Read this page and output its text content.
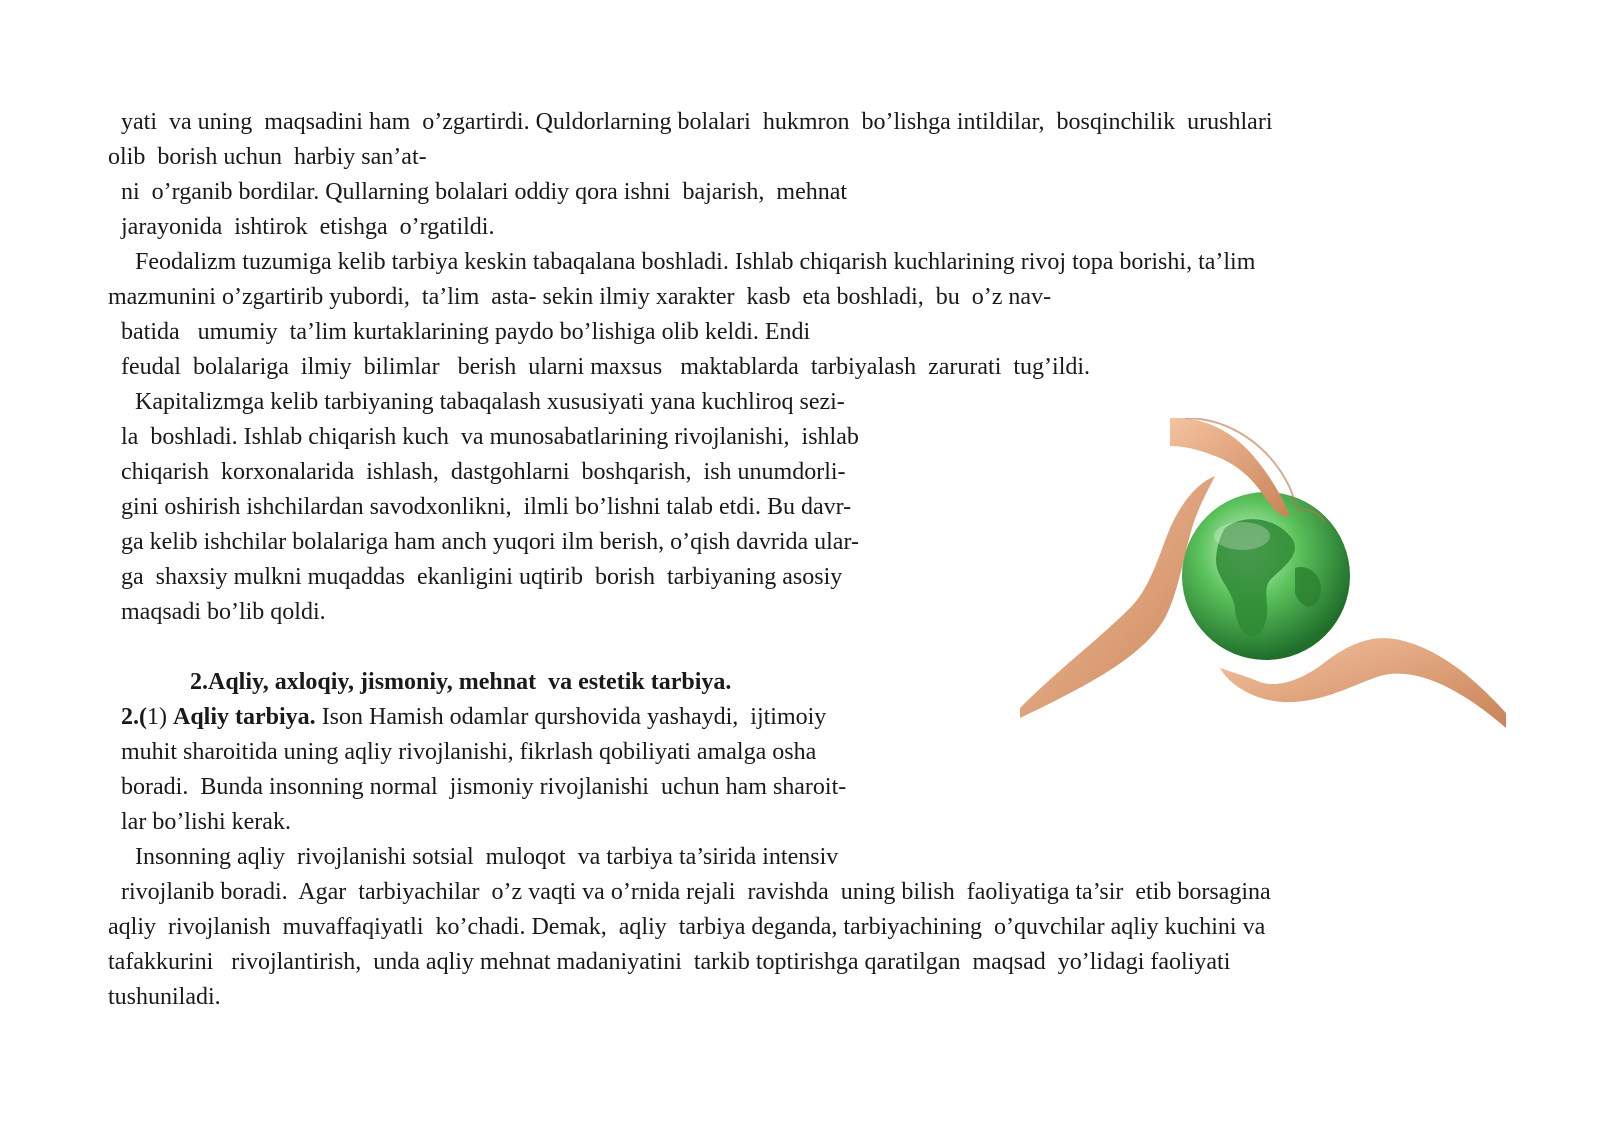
yati  va uning  maqsadini ham  o’zgartirdi. Quldorlarning bolalari  hukmron  bo’lishga intildilar,  bosqinchilik  urushlari

olib  borish uchun  harbiy san’at-

ni  o’rganib bordilar. Qullarning bolalari oddiy qora ishni  bajarish,  mehnat

jarayonida  ishtirok  etishga  o’rgatildi.

Feodalizm tuzumiga kelib tarbiya keskin tabaqalana boshladi. Ishlab chiqarish kuchlarining rivoj topa borishi, ta’lim

mazmunini o’zgartirib yubordi,  ta’lim  asta- sekin ilmiy xarakter  kasb  eta boshladi,  bu  o’z nav-

batida   umumiy  ta’lim kurtaklarining paydo bo’lishiga olib keldi. Endi

feudal  bolalariga  ilmiy  bilimlar   berish  ularni maxsus   maktablarda  tarbiyalash  zarurati  tug’ildi.

Kapitalizmga kelib tarbiyaning tabaqalash xususiyati yana kuchliroq sezi-

la  boshladi. Ishlab chiqarish kuch  va munosabatlarining rivojlanishi,  ishlab

chiqarish  korxonalarida  ishlash,  dastgohlarni  boshqarish,  ish unumdorli-

gini oshirish ishchilardan savodxonlikni,  ilmli bo’lishni talab etdi. Bu davr-

ga kelib ishchilar bolalariga ham anch yuqori ilm berish, o’qish davrida ular-

ga  shaxsiy mulkni muqaddas  ekanligini uqtirib  borish  tarbiyaning asosiy

maqsadi bo’lib qoldi.

2.Aqliy, axloqiy, jismoniy, mehnat  va estetik tarbiya.

2.(1) Aqliy tarbiya. Ison Hamish odamlar qurshovida yashaydi,  ijtimoiy

muhit sharoitida uning aqliy rivojlanishi, fikrlash qobiliyati amalga osha

boradi.  Bunda insonning normal  jismoniy rivojlanishi  uchun ham sharoit-

lar bo’lishi kerak.

Insonning aqliy  rivojlanishi sotsial  muloqot  va tarbiya ta’sirida intensiv

rivojlanib boradi.  Agar  tarbiyachilar  o’z vaqti va o’rnida rejali  ravishda  uning bilish  faoliyatiga ta’sir  etib borsagina

aqliy  rivojlanish  muvaffaqiyatli  ko’chadi. Demak,  aqliy  tarbiya deganda, tarbiyachining  o’quvchilar aqliy kuchini va

tafakkurini   rivojlantirish,  unda aqliy mehnat madaniyatini  tarkib toptirishga qaratilgan  maqsad  yo’lidagi faoliyati

tushuniladi.
